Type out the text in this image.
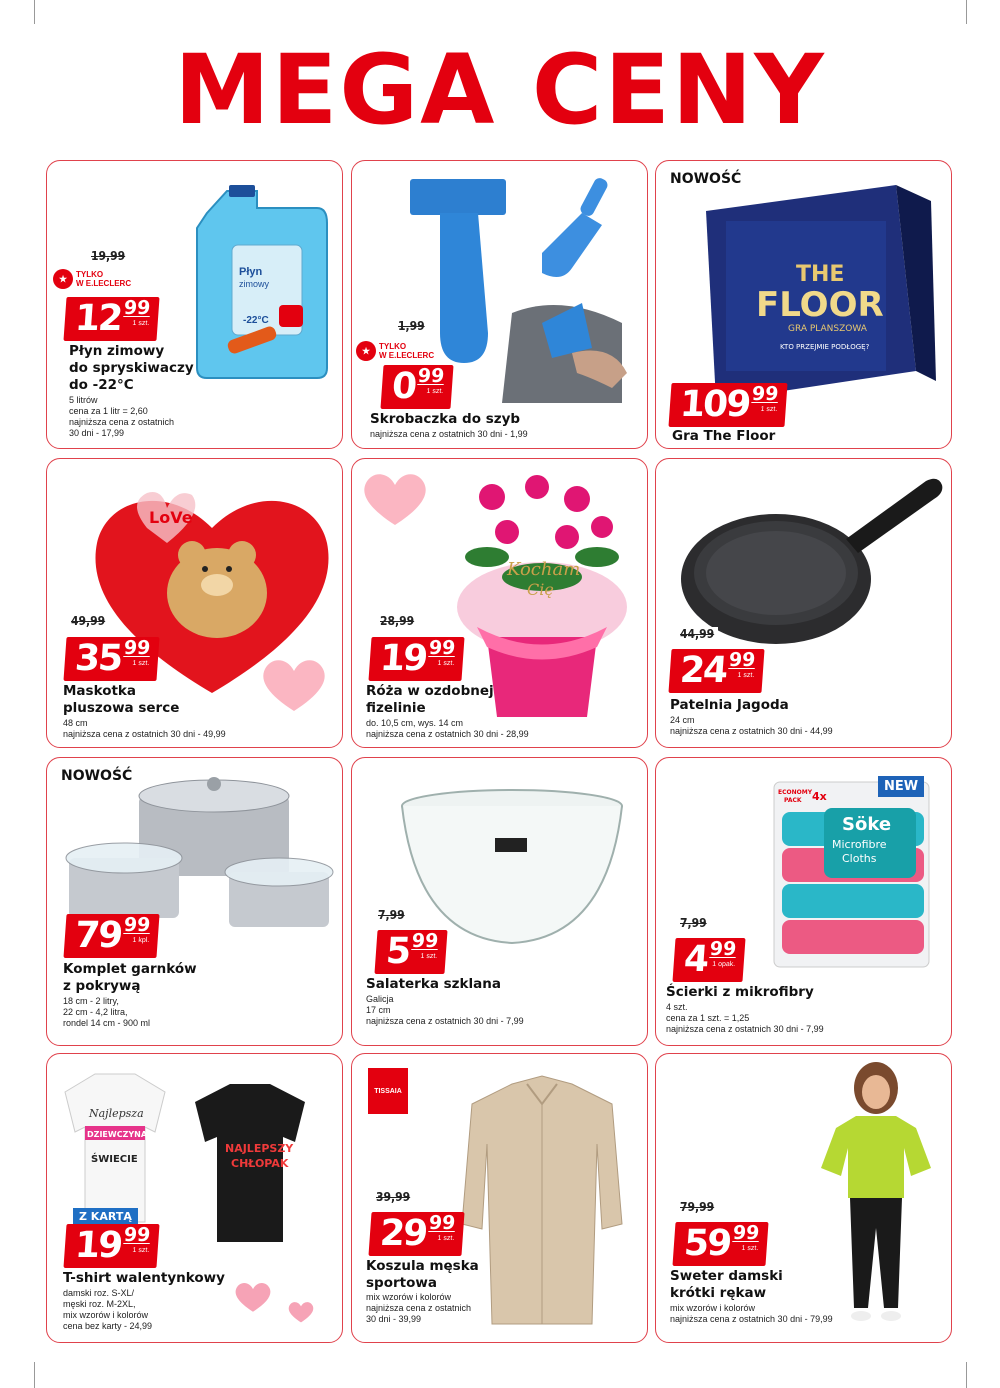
MEGA CENY
Płyn
zimowy
-22°C
19,99
★	TYLKO
W E.LECLERC
12 99
1 szt.
Płyn zimowy
do spryskiwaczy
do -22°C
5 litrów
cena za 1 litr = 2,60
najniższa cena z ostatnich
30 dni - 17,99
1,99
★	TYLKO
W E.LECLERC
0 99
1 szt.
Skrobaczka do szyb
najniższa cena z ostatnich 30 dni - 1,99
NOWOŚĆ
THE
FLOOR
GRA PLANSZOWA
KTO PRZEJMIE PODŁOGĘ?
109 99
1 szt.
Gra The Floor
LoVe
49,99
35 99
1 szt.
Maskotka
pluszowa serce
48 cm
najniższa cena z ostatnich 30 dni - 49,99
Kocham
Cię
28,99
19 99
1 szt.
Róża w ozdobnej
fizelinie
do. 10,5 cm, wys. 14 cm
najniższa cena z ostatnich 30 dni - 28,99
44,99
24 99
1 szt.
Patelnia Jagoda
24 cm
najniższa cena z ostatnich 30 dni - 44,99
NOWOŚĆ
79 99
1 kpl.
Komplet garnków
z pokrywą
18 cm - 2 litry,
22 cm - 4,2 litra,
rondel 14 cm - 900 ml
7,99
5 99
1 szt.
Salaterka szklana
Galicja
17 cm
najniższa cena z ostatnich 30 dni - 7,99
Söke
Microfibre
Cloths
ECONOMY
PACK 4x
NEW
7,99
4 99
1 opak.
Ścierki z mikrofibry
4 szt.
cena za 1 szt. = 1,25
najniższa cena z ostatnich 30 dni - 7,99
Najlepsza
DZIEWCZYNA
ŚWIECIE
NAJLEPSZY
CHŁOPAK
Z KARTĄ
19 99
1 szt.
T-shirt walentynkowy
damski roz. S-XL/
męski roz. M-2XL,
mix wzorów i kolorów
cena bez karty - 24,99
TISSAIA
39,99
29 99
1 szt.
Koszula męska
sportowa
mix wzorów i kolorów
najniższa cena z ostatnich
30 dni - 39,99
79,99
59 99
1 szt.
Sweter damski
krótki rękaw
mix wzorów i kolorów
najniższa cena z ostatnich 30 dni - 79,99
